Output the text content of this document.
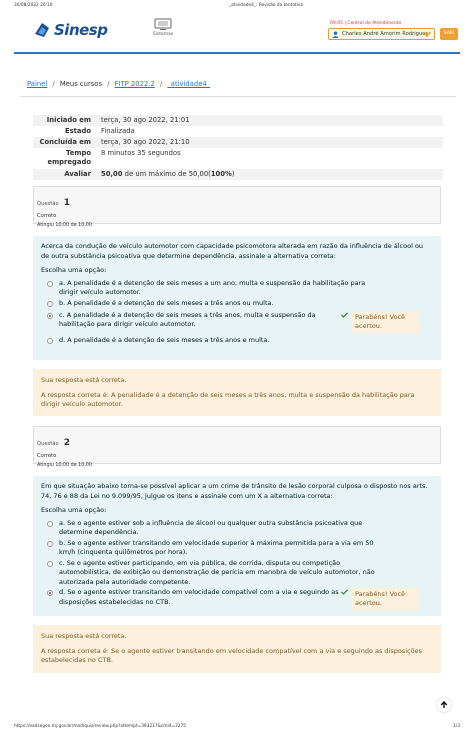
30/08/2022 20:10	_atividade4_: Revisão da tentativa
Sinesp	Sistemas
09:05 | Central de Atendimento
Charles André Amorim Rodrigues	SAIR
Painel / Meus cursos / FITP 2022.2 / _atividade4_
Iniciado em	terça, 30 ago 2022, 21:01
Estado	Finalizada
Concluída em	terça, 30 ago 2022, 21:10
Tempo empregado	8 minutos 35 segundos
Avaliar	50,00 de um máximo de 50,00(100%)
Questão 1
Correto
Atingiu 10,00 de 10,00
Acerca da condução de veículo automotor com capacidade psicomotora alterada em razão da influência de álcool ou de outra substância psicoativa que determine dependência, assinale a alternativa correta:
Escolha uma opção:
a. A penalidade é a detenção de seis meses a um ano, multa e suspensão da habilitação para dirigir veículo automotor.
b. A penalidade é a detenção de seis meses a três anos ou multa.
c. A penalidade é a detenção de seis meses a três anos, multa e suspensão da habilitação para dirigir veículo automotor.
Parabéns! Você acertou.
d. A penalidade é a detenção de seis meses a três anos e multa.
Sua resposta está correta.
A resposta correta é: A penalidade é a detenção de seis meses a três anos, multa e suspensão da habilitação para dirigir veículo automotor.
Questão 2
Correto
Atingiu 10,00 de 10,00
Em que situação abaixo torna-se possível aplicar a um crime de trânsito de lesão corporal culposa o disposto nos arts. 74, 76 e 88 da Lei no 9.099/95, julgue os itens e assinale com um X a alternativa correta:
Escolha uma opção:
a. Se o agente estiver sob a influência de álcool ou qualquer outra substância psicoativa que determine dependência.
b. Se o agente estiver transitando em velocidade superior à máxima permitida para a via em 50 km/h (cinquenta quilômetros por hora).
c. Se o agente estiver participando, em via pública, de corrida, disputa ou competição automobilística, de exibição ou demonstração de perícia em manobra de veículo automotor, não autorizada pela autoridade competente.
d. Se o agente estiver transitando em velocidade compatível com a via e seguindo as disposições estabelecidas no CTB.
Parabéns! Você acertou.
Sua resposta está correta.
A resposta correta é: Se o agente estiver transitando em velocidade compatível com a via e seguindo as disposições estabelecidas no CTB.
https://eadsegen.mj.gov.br/mod/quiz/review.php?attempt=393217&cmid=3275	1/3
